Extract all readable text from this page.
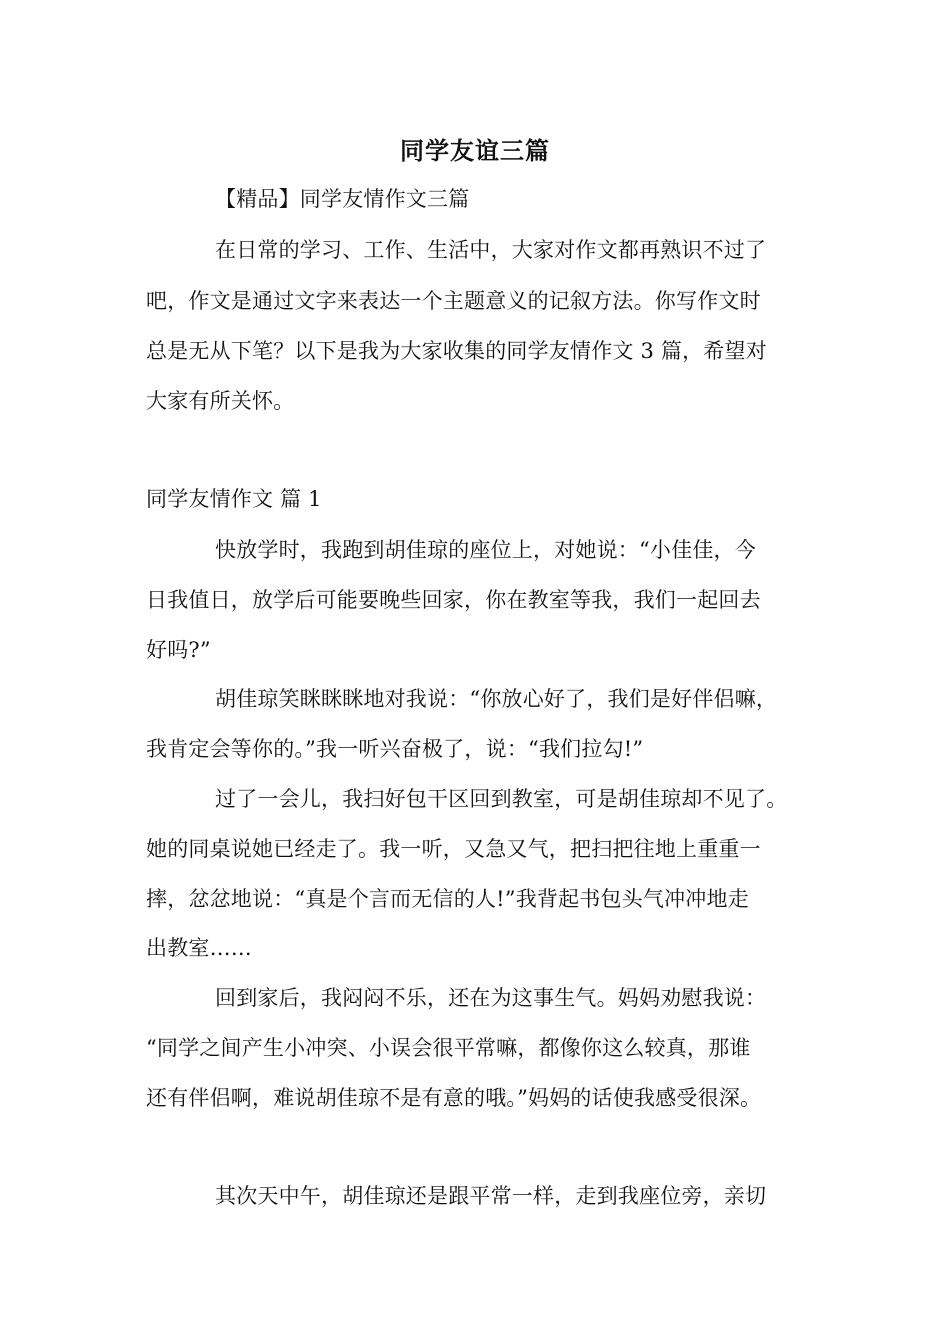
同学友谊三篇
【精品】同学友情作文三篇
在日常的学习、工作、生活中，大家对作文都再熟识不过了
吧，作文是通过文字来表达一个主题意义的记叙方法。你写作文时
总是无从下笔？以下是我为大家收集的同学友情作文 3 篇，希望对
大家有所关怀。
同学友情作文 篇 1
快放学时，我跑到胡佳琼的座位上，对她说：“小佳佳，今
日我值日，放学后可能要晚些回家，你在教室等我，我们一起回去
好吗?”
胡佳琼笑眯眯眯地对我说：“你放心好了，我们是好伴侣嘛，
我肯定会等你的。”我一听兴奋极了，说：“我们拉勾!”
过了一会儿，我扫好包干区回到教室，可是胡佳琼却不见了。
她的同桌说她已经走了。我一听，又急又气，把扫把往地上重重一
摔，忿忿地说：“真是个言而无信的人!”我背起书包头气冲冲地走
出教室……
回到家后，我闷闷不乐，还在为这事生气。妈妈劝慰我说：
“同学之间产生小冲突、小误会很平常嘛，都像你这么较真，那谁
还有伴侣啊，难说胡佳琼不是有意的哦。”妈妈的话使我感受很深。
其次天中午，胡佳琼还是跟平常一样，走到我座位旁，亲切
